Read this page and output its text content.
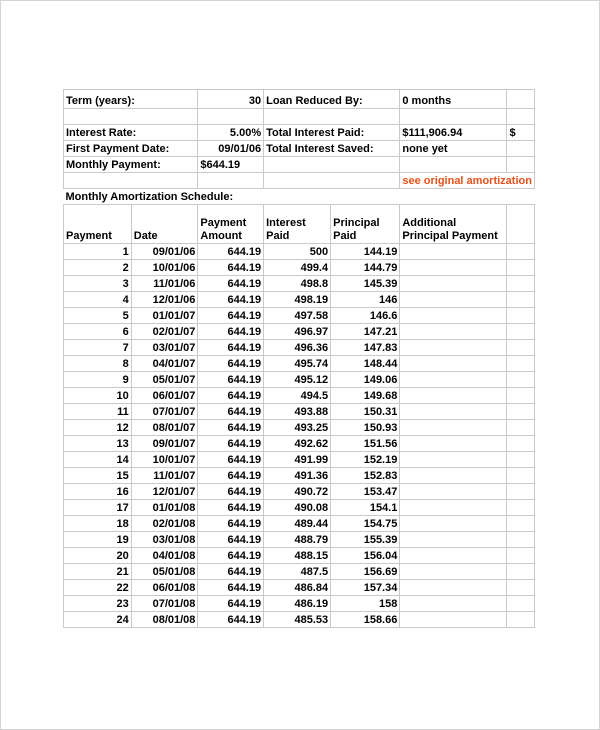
Term (years):		30	Loan Reduced By:		0 months	

Interest Rate:		5.00%	Total Interest Paid:		$111,906.94	$
First Payment Date:		09/01/06	Total Interest Saved:		none yet	
Monthly Payment:		$644.19				
					see original amortization	
Monthly Amortization Schedule:						
Payment	Date	Payment Amount	Interest Paid	Principal Paid	Additional Principal Payment	
1	09/01/06	644.19	500	144.19		
2	10/01/06	644.19	499.4	144.79		
3	11/01/06	644.19	498.8	145.39		
4	12/01/06	644.19	498.19	146		
5	01/01/07	644.19	497.58	146.6		
6	02/01/07	644.19	496.97	147.21		
7	03/01/07	644.19	496.36	147.83		
8	04/01/07	644.19	495.74	148.44		
9	05/01/07	644.19	495.12	149.06		
10	06/01/07	644.19	494.5	149.68		
11	07/01/07	644.19	493.88	150.31		
12	08/01/07	644.19	493.25	150.93		
13	09/01/07	644.19	492.62	151.56		
14	10/01/07	644.19	491.99	152.19		
15	11/01/07	644.19	491.36	152.83		
16	12/01/07	644.19	490.72	153.47		
17	01/01/08	644.19	490.08	154.1		
18	02/01/08	644.19	489.44	154.75		
19	03/01/08	644.19	488.79	155.39		
20	04/01/08	644.19	488.15	156.04		
21	05/01/08	644.19	487.5	156.69		
22	06/01/08	644.19	486.84	157.34		
23	07/01/08	644.19	486.19	158		
24	08/01/08	644.19	485.53	158.66		
